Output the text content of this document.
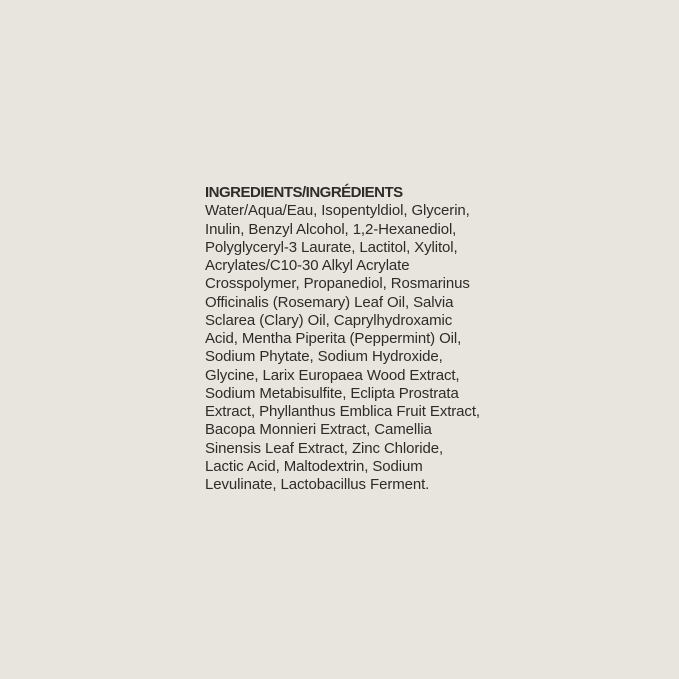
INGREDIENTS/INGRÉDIENTS
Water/Aqua/Eau, Isopentyldiol, Glycerin,
Inulin, Benzyl Alcohol, 1,2-Hexanediol,
Polyglyceryl-3 Laurate, Lactitol, Xylitol,
Acrylates/C10-30 Alkyl Acrylate
Crosspolymer, Propanediol, Rosmarinus
Officinalis (Rosemary) Leaf Oil, Salvia
Sclarea (Clary) Oil, Caprylhydroxamic
Acid, Mentha Piperita (Peppermint) Oil,
Sodium Phytate, Sodium Hydroxide,
Glycine, Larix Europaea Wood Extract,
Sodium Metabisulfite, Eclipta Prostrata
Extract, Phyllanthus Emblica Fruit Extract,
Bacopa Monnieri Extract, Camellia
Sinensis Leaf Extract, Zinc Chloride,
Lactic Acid, Maltodextrin, Sodium
Levulinate, Lactobacillus Ferment.
